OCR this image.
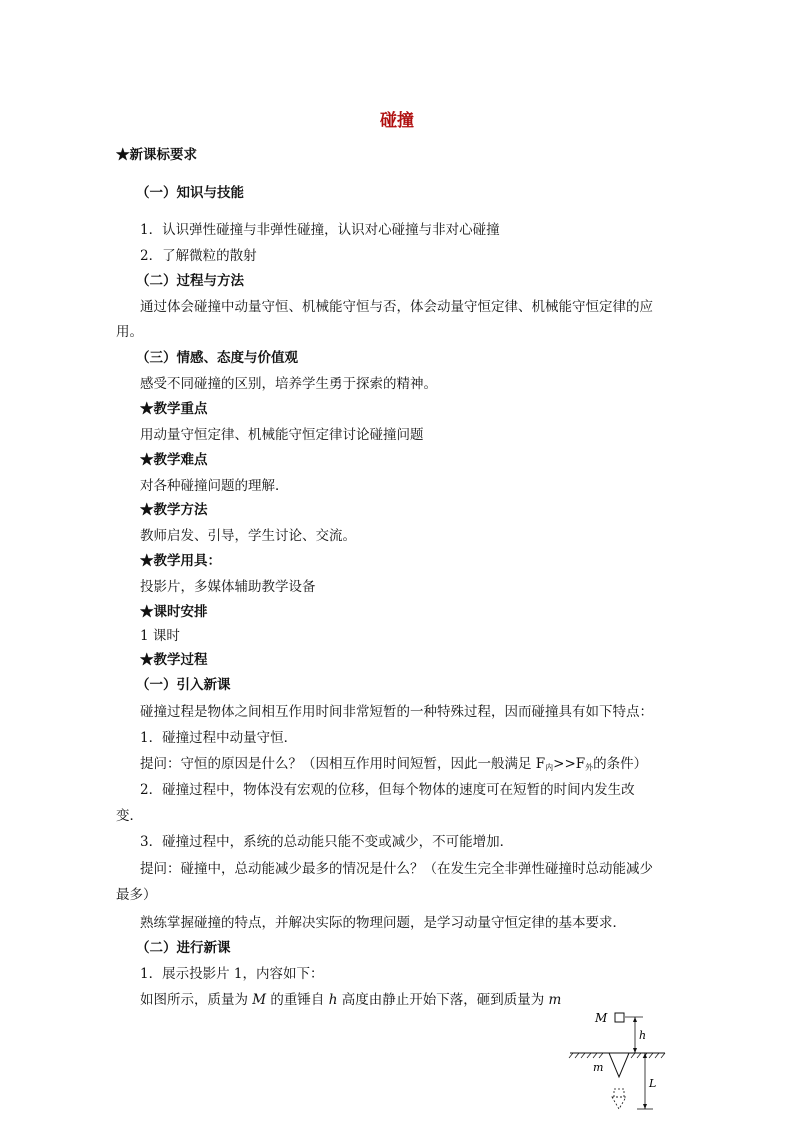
碰撞
★新课标要求
（一）知识与技能
1．认识弹性碰撞与非弹性碰撞，认识对心碰撞与非对心碰撞
2．了解微粒的散射
（二）过程与方法
通过体会碰撞中动量守恒、机械能守恒与否，体会动量守恒定律、机械能守恒定律的应
用。
（三）情感、态度与价值观
感受不同碰撞的区别，培养学生勇于探索的精神。
★教学重点
用动量守恒定律、机械能守恒定律讨论碰撞问题
★教学难点
对各种碰撞问题的理解．
★教学方法
教师启发、引导，学生讨论、交流。
★教学用具：
投影片，多媒体辅助教学设备
★课时安排
1 课时
★教学过程
（一）引入新课
碰撞过程是物体之间相互作用时间非常短暂的一种特殊过程，因而碰撞具有如下特点：
1．碰撞过程中动量守恒．
提问：守恒的原因是什么？（因相互作用时间短暂，因此一般满足 $F_内>>F_外$的条件）
2．碰撞过程中，物体没有宏观的位移，但每个物体的速度可在短暂的时间内发生改
变．
3．碰撞过程中，系统的总动能只能不变或减少，不可能增加．
提问：碰撞中，总动能减少最多的情况是什么？（在发生完全非弹性碰撞时总动能减少
最多）
熟练掌握碰撞的特点，并解决实际的物理问题，是学习动量守恒定律的基本要求．
（二）进行新课
1．展示投影片 1，内容如下：
如图所示，质量为 M 的重锤自 h 高度由静止开始下落，砸到质量为 m
M
h
m
L
